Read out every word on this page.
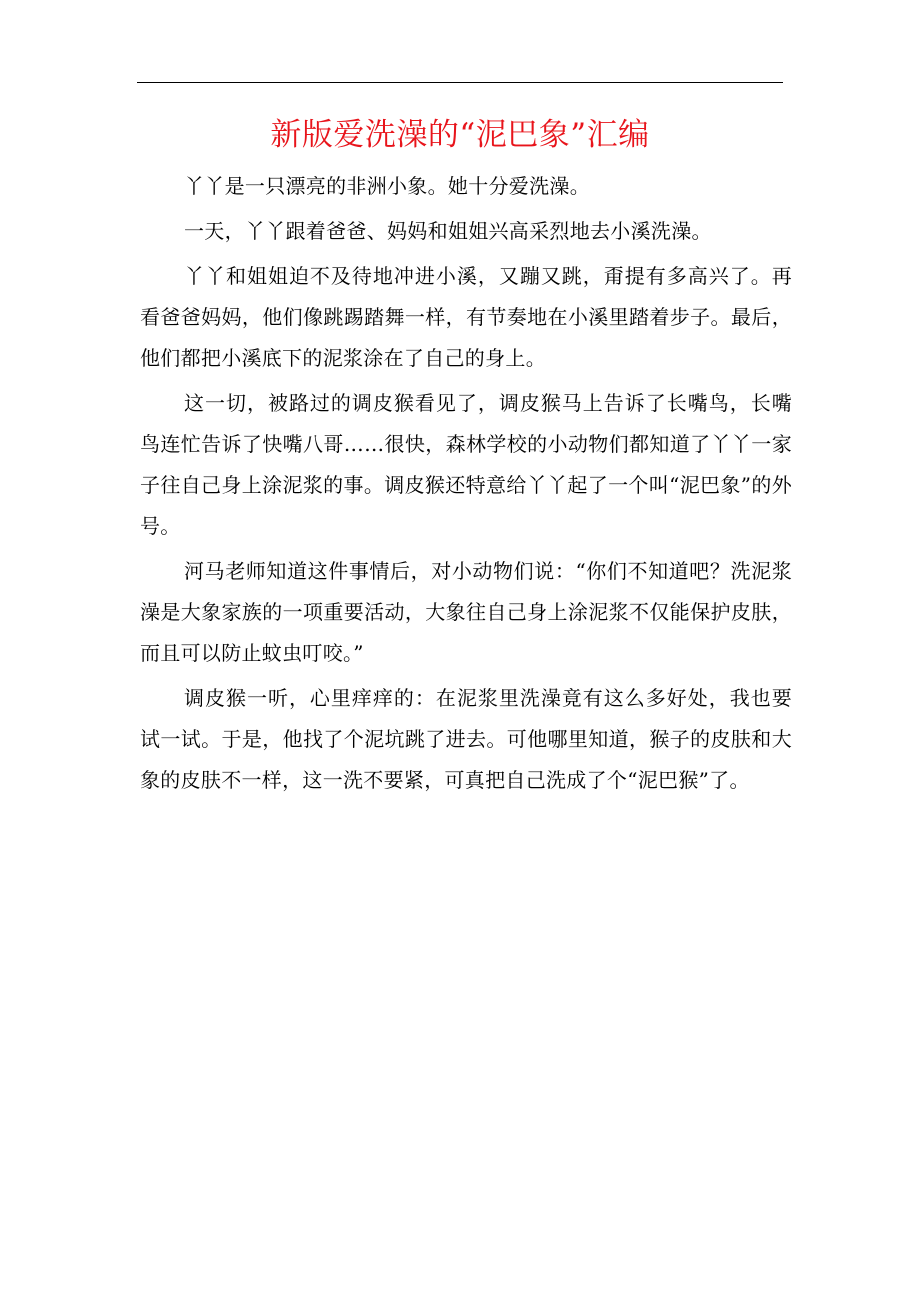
新版爱洗澡的“泥巴象”汇编

丫丫是一只漂亮的非洲小象。她十分爱洗澡。

一天，丫丫跟着爸爸、妈妈和姐姐兴高采烈地去小溪洗澡。

丫丫和姐姐迫不及待地冲进小溪，又蹦又跳，甭提有多高兴了。再看爸爸妈妈，他们像跳踢踏舞一样，有节奏地在小溪里踏着步子。最后，他们都把小溪底下的泥浆涂在了自己的身上。

这一切，被路过的调皮猴看见了，调皮猴马上告诉了长嘴鸟，长嘴鸟连忙告诉了快嘴八哥……很快，森林学校的小动物们都知道了丫丫一家子往自己身上涂泥浆的事。调皮猴还特意给丫丫起了一个叫“泥巴象”的外号。

河马老师知道这件事情后，对小动物们说：“你们不知道吧？洗泥浆澡是大象家族的一项重要活动，大象往自己身上涂泥浆不仅能保护皮肤，而且可以防止蚊虫叮咬。”

调皮猴一听，心里痒痒的：在泥浆里洗澡竟有这么多好处，我也要试一试。于是，他找了个泥坑跳了进去。可他哪里知道，猴子的皮肤和大象的皮肤不一样，这一洗不要紧，可真把自己洗成了个“泥巴猴”了。
